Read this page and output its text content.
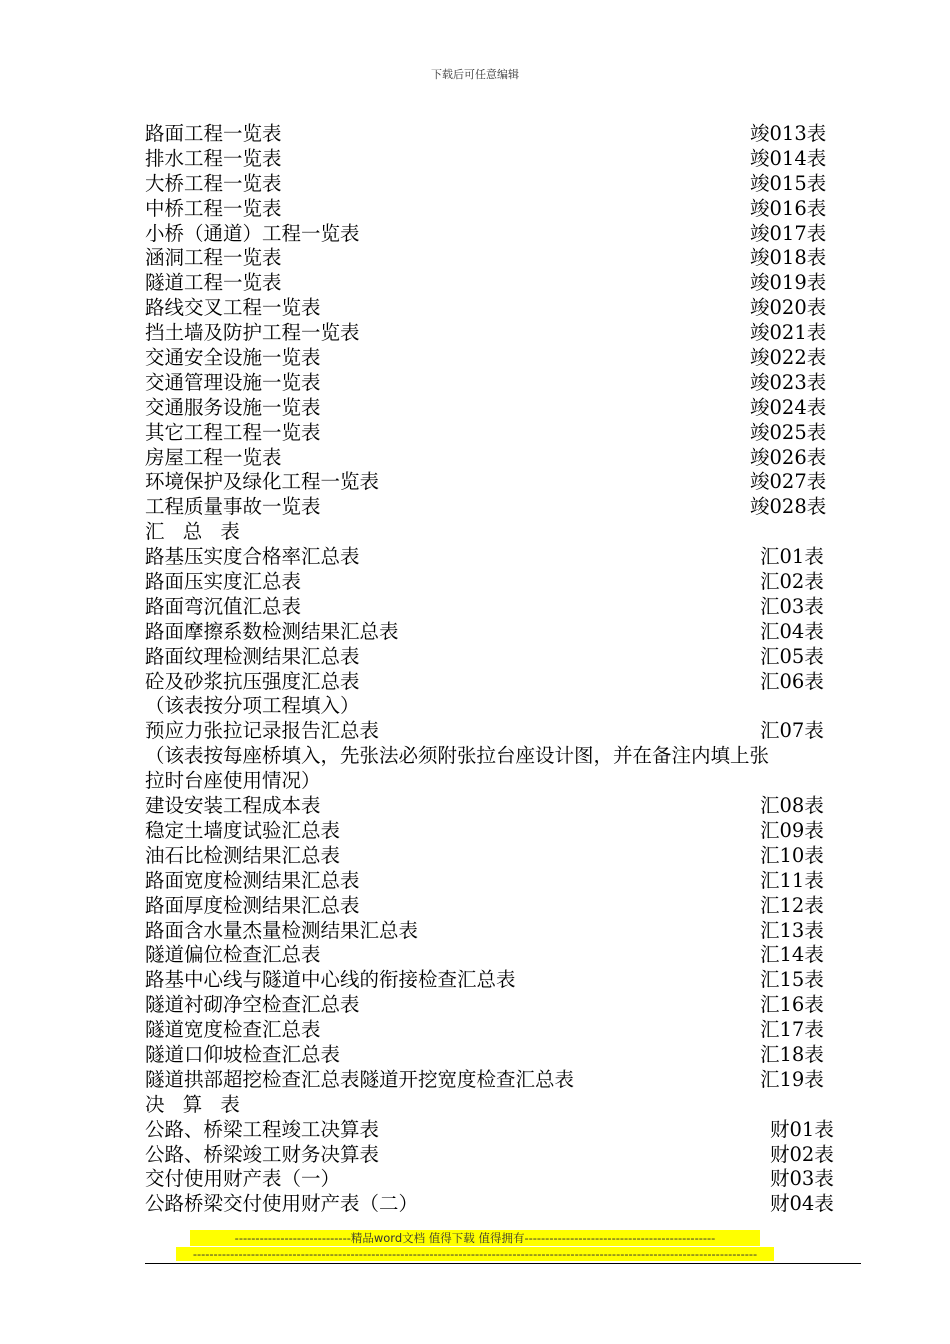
下载后可任意编辑
路面工程一览表	竣013表
排水工程一览表	竣014表
大桥工程一览表	竣015表
中桥工程一览表	竣016表
小桥（通道）工程一览表	竣017表
涵洞工程一览表	竣018表
隧道工程一览表	竣019表
路线交叉工程一览表	竣020表
挡土墙及防护工程一览表	竣021表
交通安全设施一览表	竣022表
交通管理设施一览表	竣023表
交通服务设施一览表	竣024表
其它工程工程一览表	竣025表
房屋工程一览表	竣026表
环境保护及绿化工程一览表	竣027表
工程质量事故一览表	竣028表
汇 总 表
路基压实度合格率汇总表	汇01表
路面压实度汇总表	汇02表
路面弯沉值汇总表	汇03表
路面摩擦系数检测结果汇总表	汇04表
路面纹理检测结果汇总表	汇05表
砼及砂浆抗压强度汇总表	汇06表
（该表按分项工程填入）
预应力张拉记录报告汇总表	汇07表
（该表按每座桥填入，先张法必须附张拉台座设计图，并在备注内填上张
拉时台座使用情况）
建设安装工程成本表	汇08表
稳定土墙度试验汇总表	汇09表
油石比检测结果汇总表	汇10表
路面宽度检测结果汇总表	汇11表
路面厚度检测结果汇总表	汇12表
路面含水量杰量检测结果汇总表	汇13表
隧道偏位检查汇总表	汇14表
路基中心线与隧道中心线的衔接检查汇总表	汇15表
隧道衬砌净空检查汇总表	汇16表
隧道宽度检查汇总表	汇17表
隧道口仰坡检查汇总表	汇18表
隧道拱部超挖检查汇总表隧道开挖宽度检查汇总表	汇19表
决 算 表
公路、桥梁工程竣工决算表	财01表
公路、桥梁竣工财务决算表	财02表
交付使用财产表（一）	财03表
公路桥梁交付使用财产表（二）	财04表
----------------------------精品word文档 值得下载 值得拥有----------------------------------------------
----------------------------------------------------------------------------------------------------------------------------------------
